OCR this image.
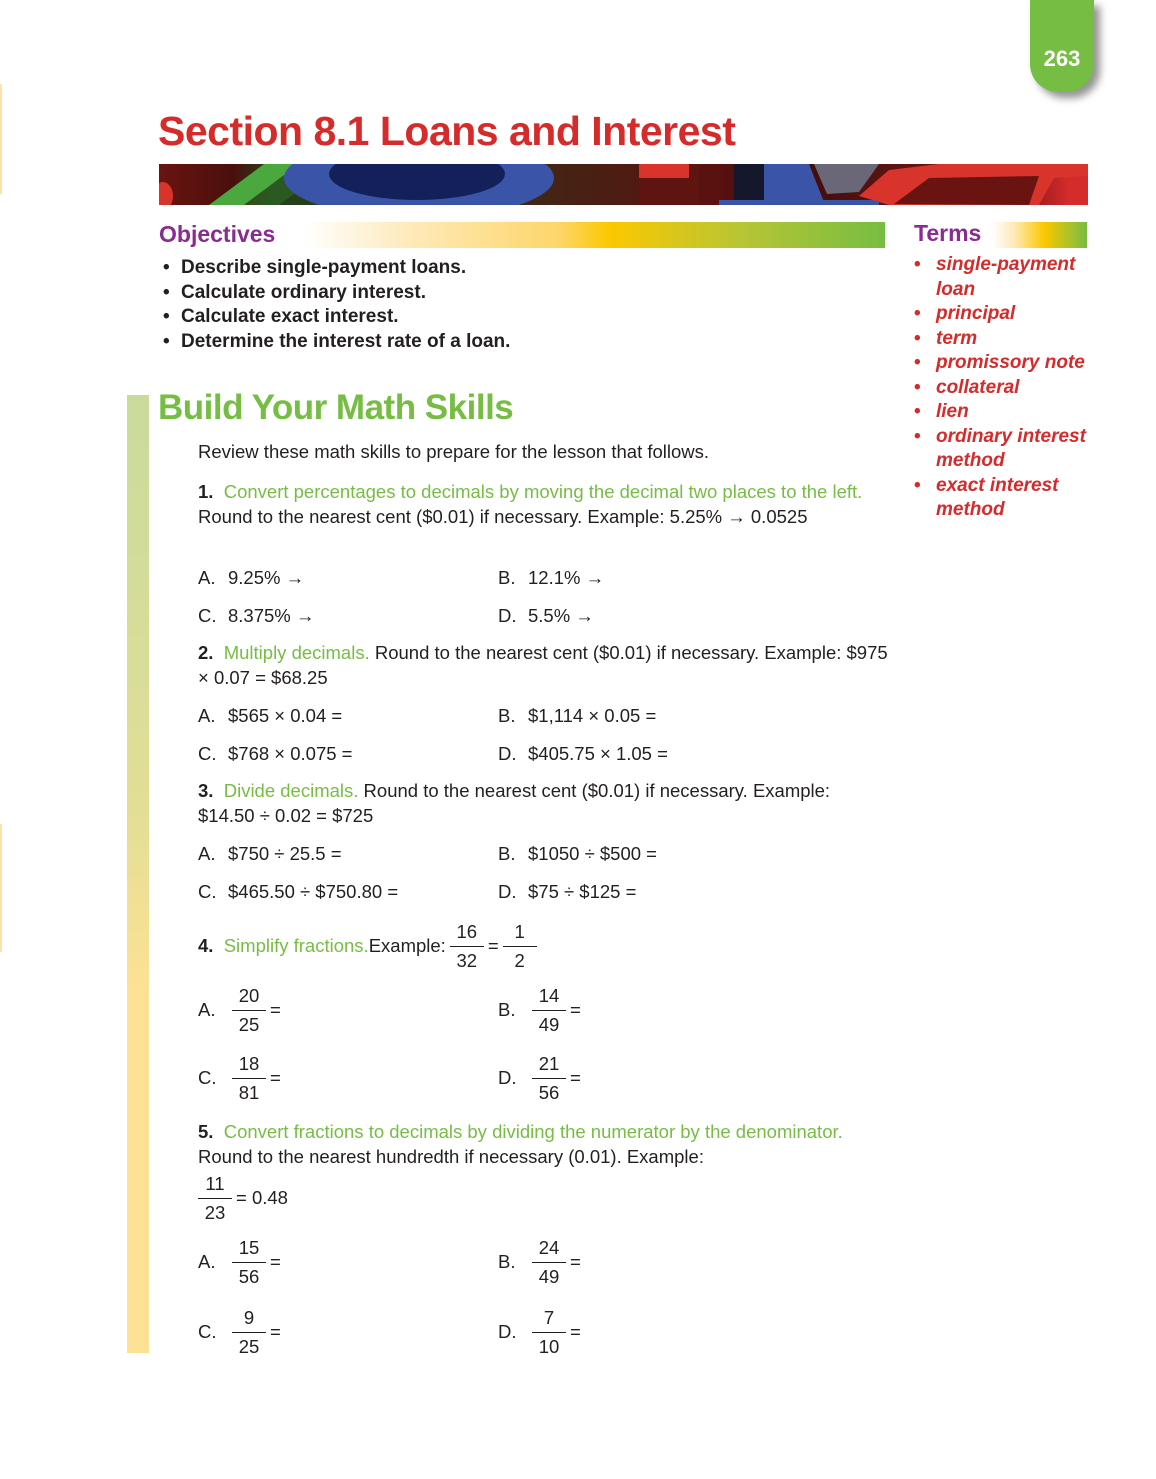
263
Section 8.1 Loans and Interest
Objectives
• Describe single-payment loans.
• Calculate ordinary interest.
• Calculate exact interest.
• Determine the interest rate of a loan.
Terms
• single-payment loan
• principal
• term
• promissory note
• collateral
• lien
• ordinary interest method
• exact interest method
Build Your Math Skills

Review these math skills to prepare for the lesson that follows.

1. Convert percentages to decimals by moving the decimal two places to the left. Round to the nearest cent ($0.01) if necessary. Example: 5.25% → 0.0525

A. 9.25% →	B. 12.1% →
C. 8.375% →	D. 5.5% →

2. Multiply decimals. Round to the nearest cent ($0.01) if necessary. Example: $975 × 0.07 = $68.25

A. $565 × 0.04 =	B. $1,114 × 0.05 =
C. $768 × 0.075 =	D. $405.75 × 1.05 =

3. Divide decimals. Round to the nearest cent ($0.01) if necessary. Example: $14.50 ÷ 0.02 = $725

A. $750 ÷ 25.5 =	B. $1050 ÷ $500 =
C. $465.50 ÷ $750.80 =	D. $75 ÷ $125 =
4.
Simplify fractions. Example: $\frac{16}{32} = \frac{1}{2}$
A. $\frac{20}{25}$ =	B. $\frac{14}{49}$ =
C. $\frac{18}{81}$ =	D. $\frac{21}{56}$ =

5. Convert fractions to decimals by dividing the numerator by the denominator. Round to the nearest hundredth if necessary (0.01). Example:

$\frac{11}{23} = 0.48$
A. $\frac{15}{56}$ =	B. $\frac{24}{49}$ =
C. $\frac{9}{25}$ =	D. $\frac{7}{10}$ =
